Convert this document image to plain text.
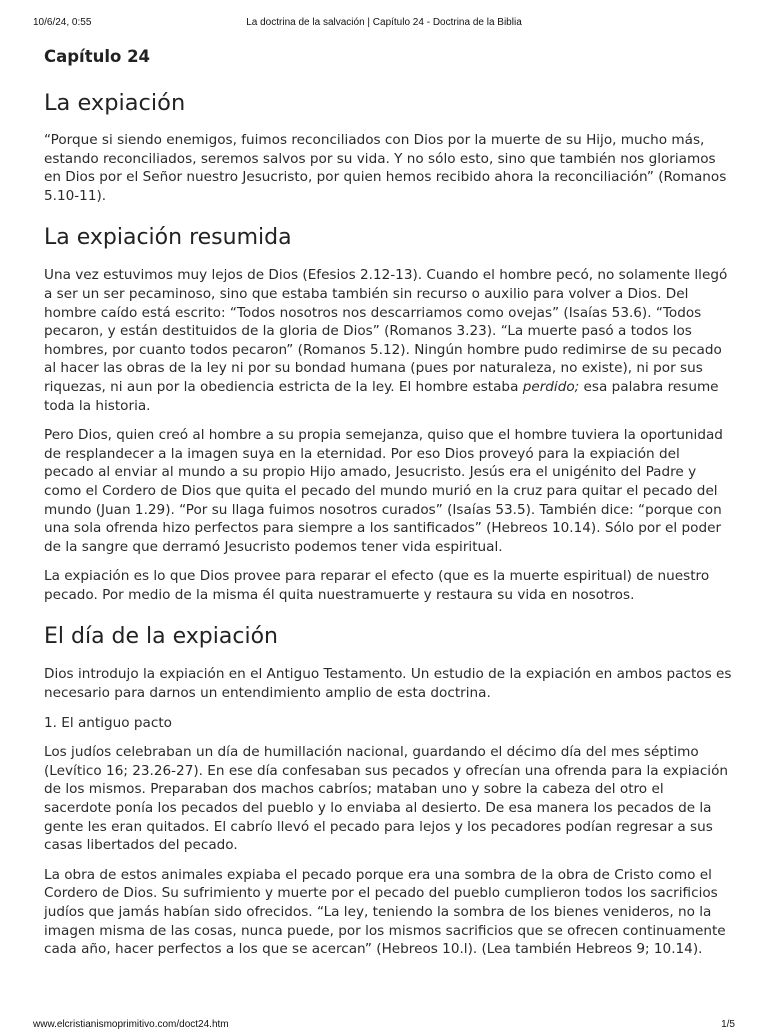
10/6/24, 0:55	La doctrina de la salvación | Capítulo 24 - Doctrina de la Biblia
Capítulo 24
La expiación

“Porque si siendo enemigos, fuimos reconciliados con Dios por la muerte de su Hijo, mucho más, estando reconciliados, seremos salvos por su vida. Y no sólo esto, sino que también nos gloriamos en Dios por el Señor nuestro Jesucristo, por quien hemos recibido ahora la reconciliación” (Romanos 5.10-11).

La expiación resumida

Una vez estuvimos muy lejos de Dios (Efesios 2.12-13). Cuando el hombre pecó, no solamente llegó a ser un ser pecaminoso, sino que estaba también sin recurso o auxilio para volver a Dios. Del hombre caído está escrito: “Todos nosotros nos descarriamos como ovejas” (Isaías 53.6). “Todos pecaron, y están destituidos de la gloria de Dios” (Romanos 3.23). “La muerte pasó a todos los hombres, por cuanto todos pecaron” (Romanos 5.12). Ningún hombre pudo redimirse de su pecado al hacer las obras de la ley ni por su bondad humana (pues por naturaleza, no existe), ni por sus riquezas, ni aun por la obediencia estricta de la ley. El hombre estaba perdido; esa palabra resume toda la historia.

Pero Dios, quien creó al hombre a su propia semejanza, quiso que el hombre tuviera la oportunidad de resplandecer a la imagen suya en la eternidad. Por eso Dios proveyó para la expiación del pecado al enviar al mundo a su propio Hijo amado, Jesucristo. Jesús era el unigénito del Padre y como el Cordero de Dios que quita el pecado del mundo murió en la cruz para quitar el pecado del mundo (Juan 1.29). “Por su llaga fuimos nosotros curados” (Isaías 53.5). También dice: “porque con una sola ofrenda hizo perfectos para siempre a los santificados” (Hebreos 10.14). Sólo por el poder de la sangre que derramó Jesucristo podemos tener vida espiritual.

La expiación es lo que Dios provee para reparar el efecto (que es la muerte espiritual) de nuestro pecado. Por medio de la misma él quita nuestramuerte y restaura su vida en nosotros.

El día de la expiación

Dios introdujo la expiación en el Antiguo Testamento. Un estudio de la expiación en ambos pactos es necesario para darnos un entendimiento amplio de esta doctrina.

1. El antiguo pacto

Los judíos celebraban un día de humillación nacional, guardando el décimo día del mes séptimo (Levítico 16; 23.26-27). En ese día confesaban sus pecados y ofrecían una ofrenda para la expiación de los mismos. Preparaban dos machos cabríos; mataban uno y sobre la cabeza del otro el sacerdote ponía los pecados del pueblo y lo enviaba al desierto. De esa manera los pecados de la gente les eran quitados. El cabrío llevó el pecado para lejos y los pecadores podían regresar a sus casas libertados del pecado.

La obra de estos animales expiaba el pecado porque era una sombra de la obra de Cristo como el Cordero de Dios. Su sufrimiento y muerte por el pecado del pueblo cumplieron todos los sacrificios judíos que jamás habían sido ofrecidos. “La ley, teniendo la sombra de los bienes venideros, no la imagen misma de las cosas, nunca puede, por los mismos sacrificios que se ofrecen continuamente cada año, hacer perfectos a los que se acercan” (Hebreos 10.l). (Lea también Hebreos 9; 10.14).

www.elcristianismoprimitivo.com/doct24.htm	1/5
